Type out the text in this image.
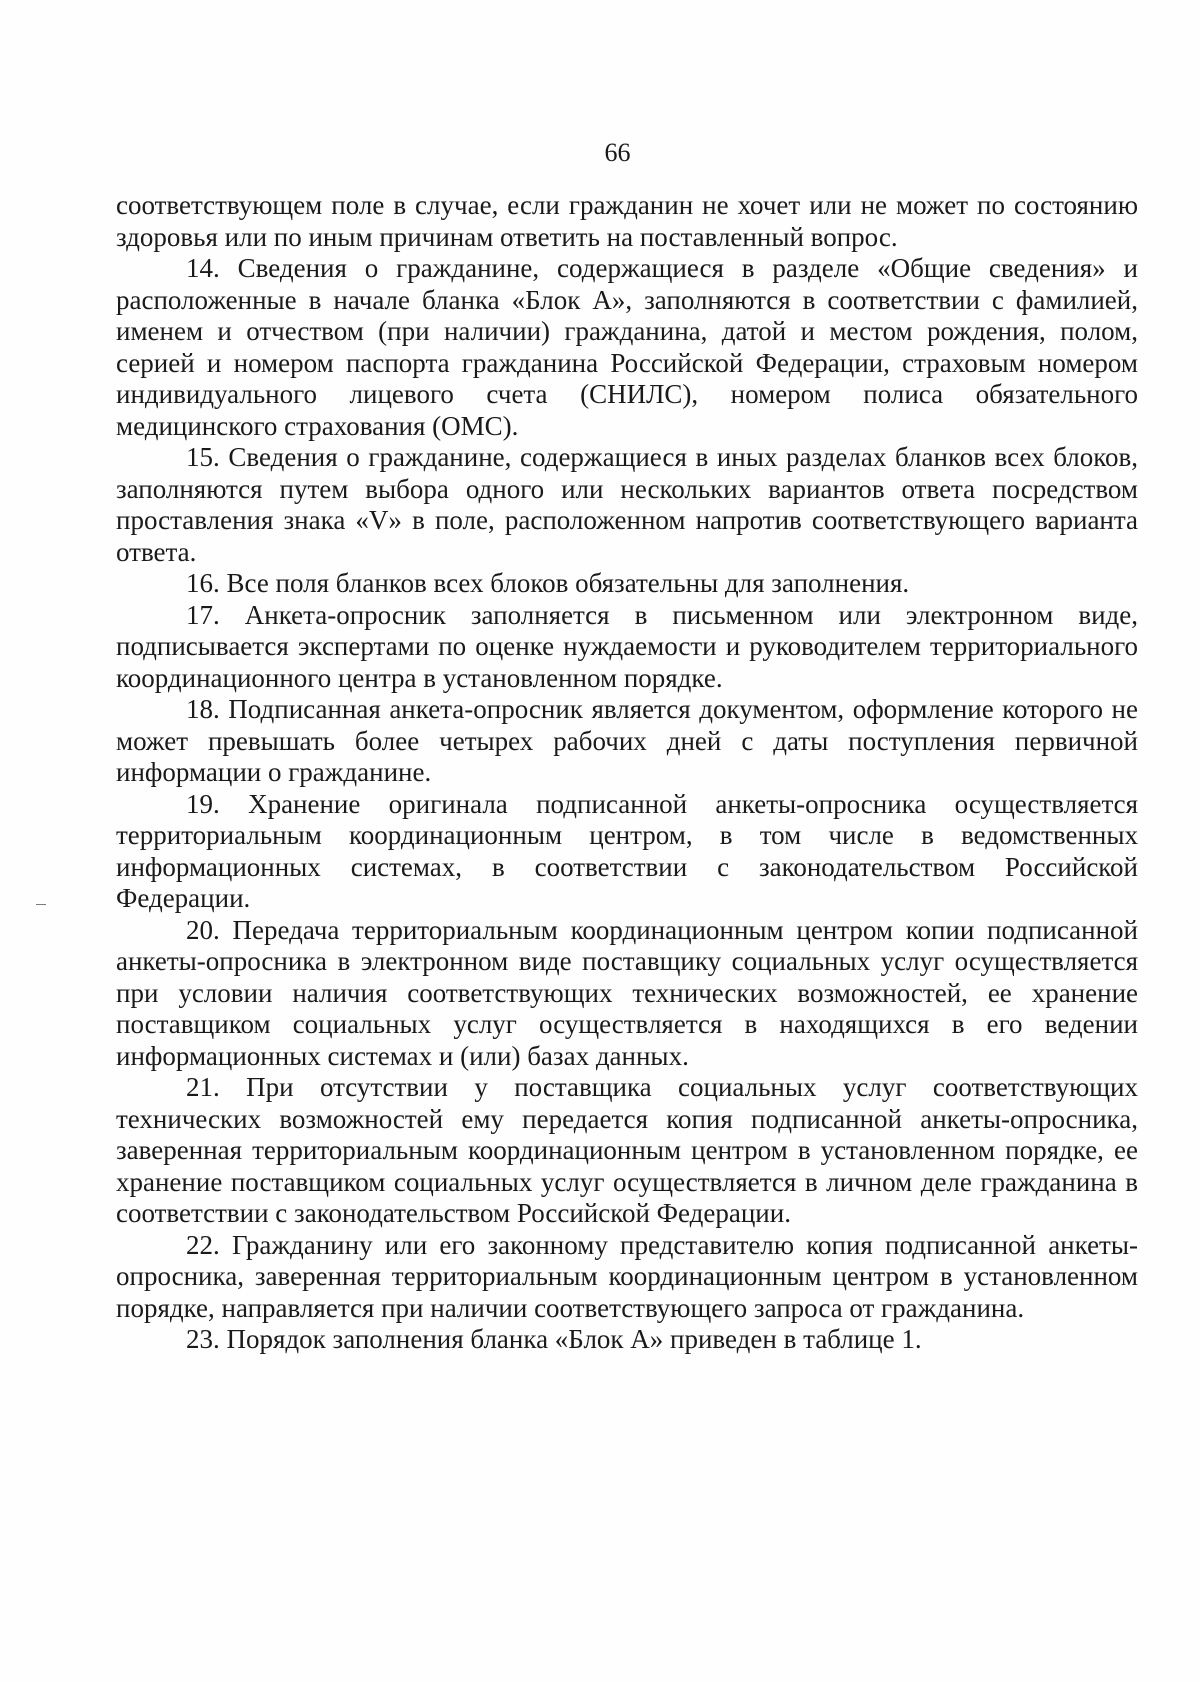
66

соответствующем поле в случае, если гражданин не хочет или не может по состоянию здоровья или по иным причинам ответить на поставленный вопрос.

14. Сведения о гражданине, содержащиеся в разделе «Общие сведения» и расположенные в начале бланка «Блок А», заполняются в соответствии с фамилией, именем и отчеством (при наличии) гражданина, датой и местом рождения, полом, серией и номером паспорта гражданина Российской Федерации, страховым номером индивидуального лицевого счета (СНИЛС), номером полиса обязательного медицинского страхования (ОМС).

15. Сведения о гражданине, содержащиеся в иных разделах бланков всех блоков, заполняются путем выбора одного или нескольких вариантов ответа посредством проставления знака «V» в поле, расположенном напротив соответствующего варианта ответа.

16. Все поля бланков всех блоков обязательны для заполнения.

17. Анкета-опросник заполняется в письменном или электронном виде, подписывается экспертами по оценке нуждаемости и руководителем территориального координационного центра в установленном порядке.

18. Подписанная анкета-опросник является документом, оформление которого не может превышать более четырех рабочих дней с даты поступления первичной информации о гражданине.

19. Хранение оригинала подписанной анкеты-опросника осуществляется территориальным координационным центром, в том числе в ведомственных информационных системах, в соответствии с законодательством Российской Федерации.

20. Передача территориальным координационным центром копии подписанной анкеты-опросника в электронном виде поставщику социальных услуг осуществляется при условии наличия соответствующих технических возможностей, ее хранение поставщиком социальных услуг осуществляется в находящихся в его ведении информационных системах и (или) базах данных.

21. При отсутствии у поставщика социальных услуг соответствующих технических возможностей ему передается копия подписанной анкеты-опросника, заверенная территориальным координационным центром в установленном порядке, ее хранение поставщиком социальных услуг осуществляется в личном деле гражданина в соответствии с законодательством Российской Федерации.

22. Гражданину или его законному представителю копия подписанной анкеты-опросника, заверенная территориальным координационным центром в установленном порядке, направляется при наличии соответствующего запроса от гражданина.

23. Порядок заполнения бланка «Блок А» приведен в таблице 1.
